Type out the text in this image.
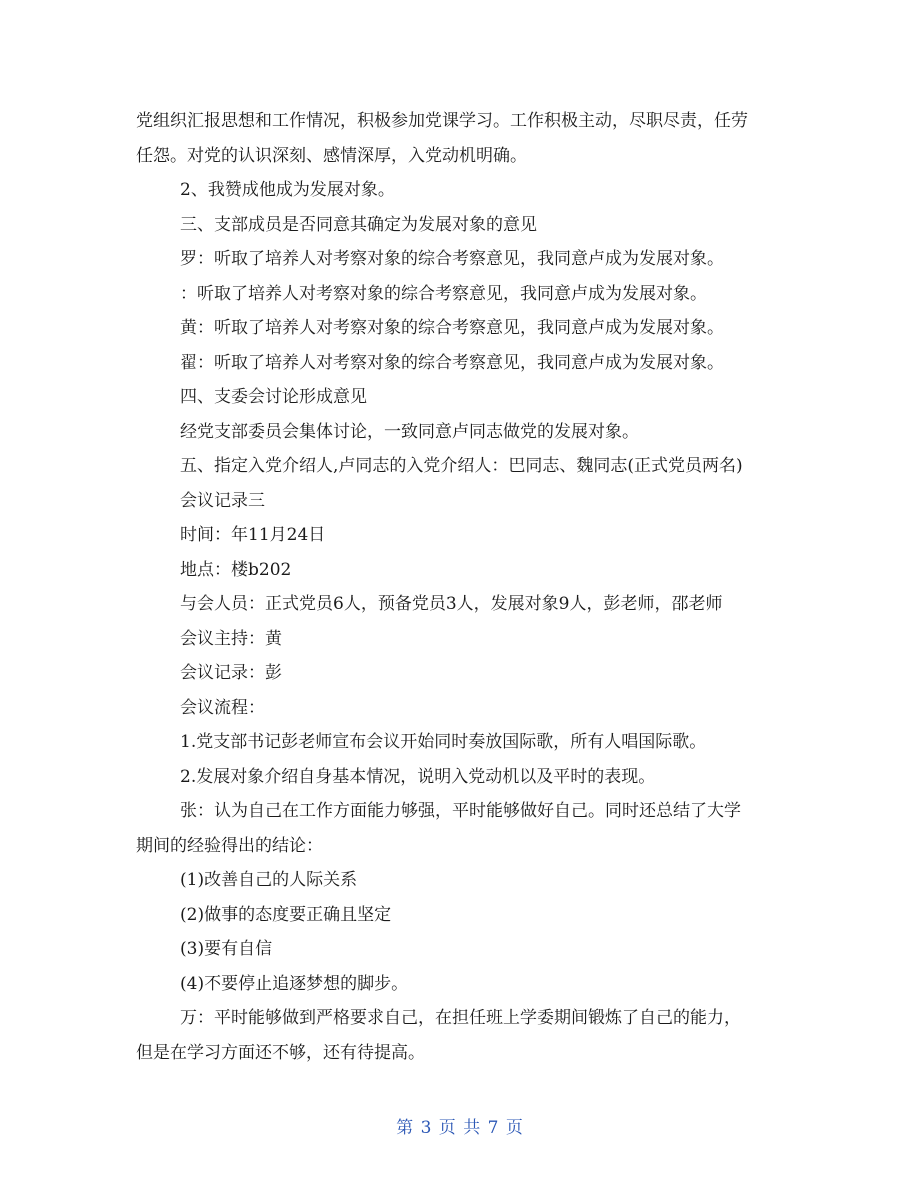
党组织汇报思想和工作情况，积极参加党课学习。工作积极主动，尽职尽责，任劳
任怨。对党的认识深刻、感情深厚，入党动机明确。
2、我赞成他成为发展对象。
三、支部成员是否同意其确定为发展对象的意见
罗：听取了培养人对考察对象的综合考察意见，我同意卢成为发展对象。
：听取了培养人对考察对象的综合考察意见，我同意卢成为发展对象。
黄：听取了培养人对考察对象的综合考察意见，我同意卢成为发展对象。
翟：听取了培养人对考察对象的综合考察意见，我同意卢成为发展对象。
四、支委会讨论形成意见
经党支部委员会集体讨论，一致同意卢同志做党的发展对象。
五、指定入党介绍人,卢同志的入党介绍人：巴同志、魏同志(正式党员两名)
会议记录三
时间：年11月24日
地点：楼b202
与会人员：正式党员6人，预备党员3人，发展对象9人，彭老师，邵老师
会议主持：黄
会议记录：彭
会议流程：
1.党支部书记彭老师宣布会议开始同时奏放国际歌，所有人唱国际歌。
2.发展对象介绍自身基本情况，说明入党动机以及平时的表现。
张：认为自己在工作方面能力够强，平时能够做好自己。同时还总结了大学
期间的经验得出的结论：
(1)改善自己的人际关系
(2)做事的态度要正确且坚定
(3)要有自信
(4)不要停止追逐梦想的脚步。
万：平时能够做到严格要求自己，在担任班上学委期间锻炼了自己的能力，
但是在学习方面还不够，还有待提高。
第 3 页 共 7 页
